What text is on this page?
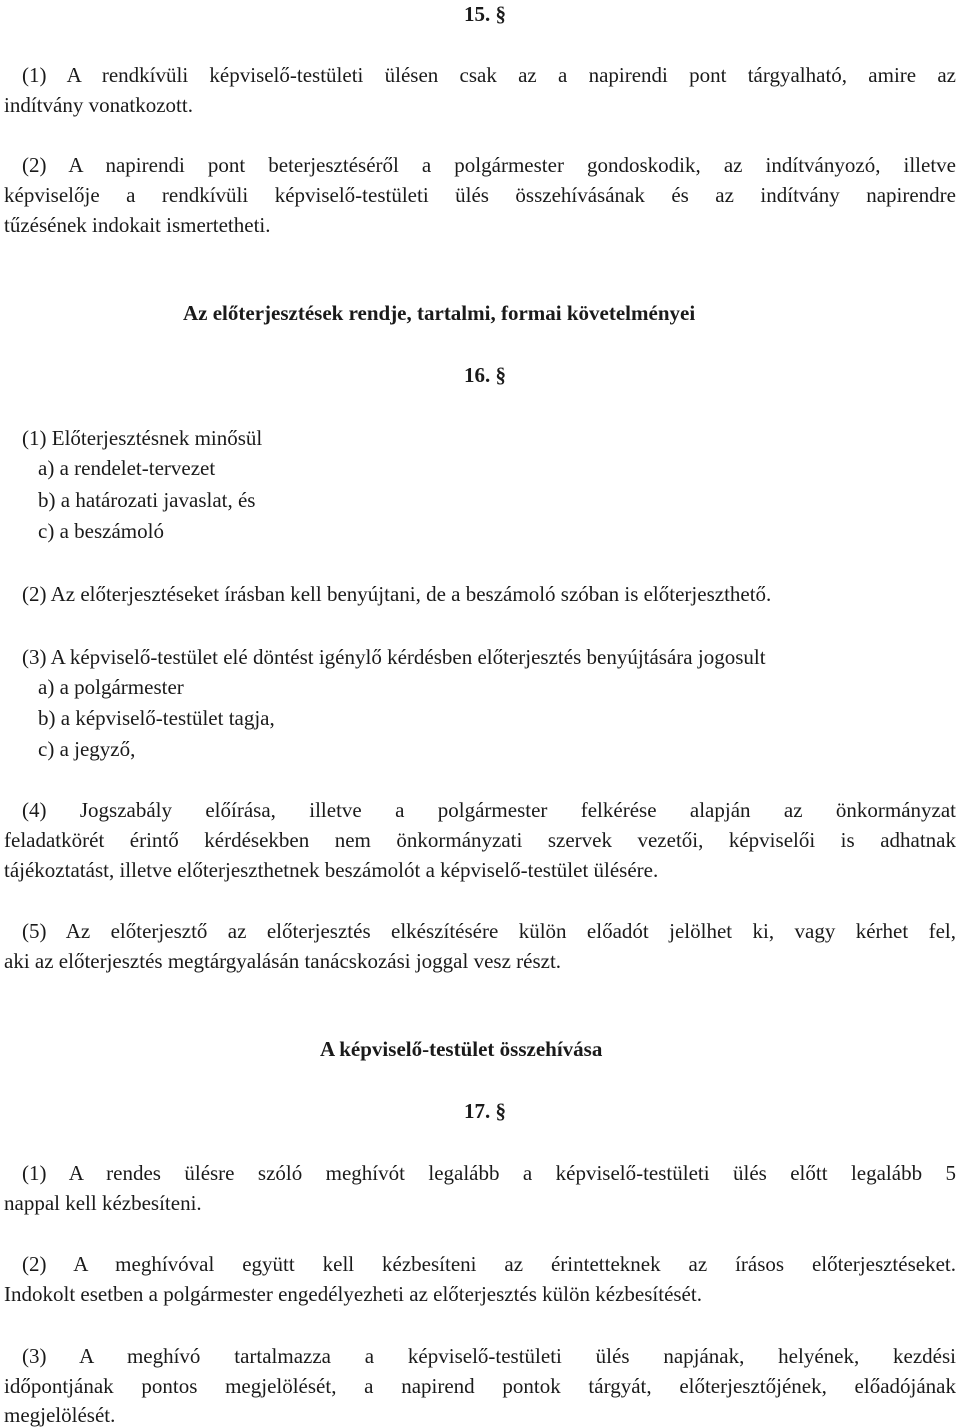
15. §
(1) A rendkívüli képviselő-testületi ülésen csak az a napirendi pont tárgyalható, amire az
indítvány vonatkozott.
(2) A napirendi pont beterjesztéséről a polgármester gondoskodik, az indítványozó, illetve
képviselője a rendkívüli képviselő-testületi ülés összehívásának és az indítvány napirendre
tűzésének indokait ismertetheti.
Az előterjesztések rendje, tartalmi, formai követelményei
16. §
(1) Előterjesztésnek minősül
a) a rendelet-tervezet
b) a határozati javaslat, és
c) a beszámoló
(2) Az előterjesztéseket írásban kell benyújtani, de a beszámoló szóban is előterjeszthető.
(3) A képviselő-testület elé döntést igénylő kérdésben előterjesztés benyújtására jogosult
a) a polgármester
b) a képviselő-testület tagja,
c) a jegyző,
(4) Jogszabály előírása, illetve a polgármester felkérése alapján az önkormányzat
feladatkörét érintő kérdésekben nem önkormányzati szervek vezetői, képviselői is adhatnak
tájékoztatást, illetve előterjeszthetnek beszámolót a képviselő-testület ülésére.
(5) Az előterjesztő az előterjesztés elkészítésére külön előadót jelölhet ki, vagy kérhet fel,
aki az előterjesztés megtárgyalásán tanácskozási joggal vesz részt.
A képviselő-testület összehívása
17. §
(1) A rendes ülésre szóló meghívót legalább a képviselő-testületi ülés előtt legalább 5
nappal kell kézbesíteni.
(2) A meghívóval együtt kell kézbesíteni az érintetteknek az írásos előterjesztéseket.
Indokolt esetben a polgármester engedélyezheti az előterjesztés külön kézbesítését.
(3) A meghívó tartalmazza a képviselő-testületi ülés napjának, helyének, kezdési
időpontjának pontos megjelölését, a napirend pontok tárgyát, előterjesztőjének, előadójának
megjelölését.
